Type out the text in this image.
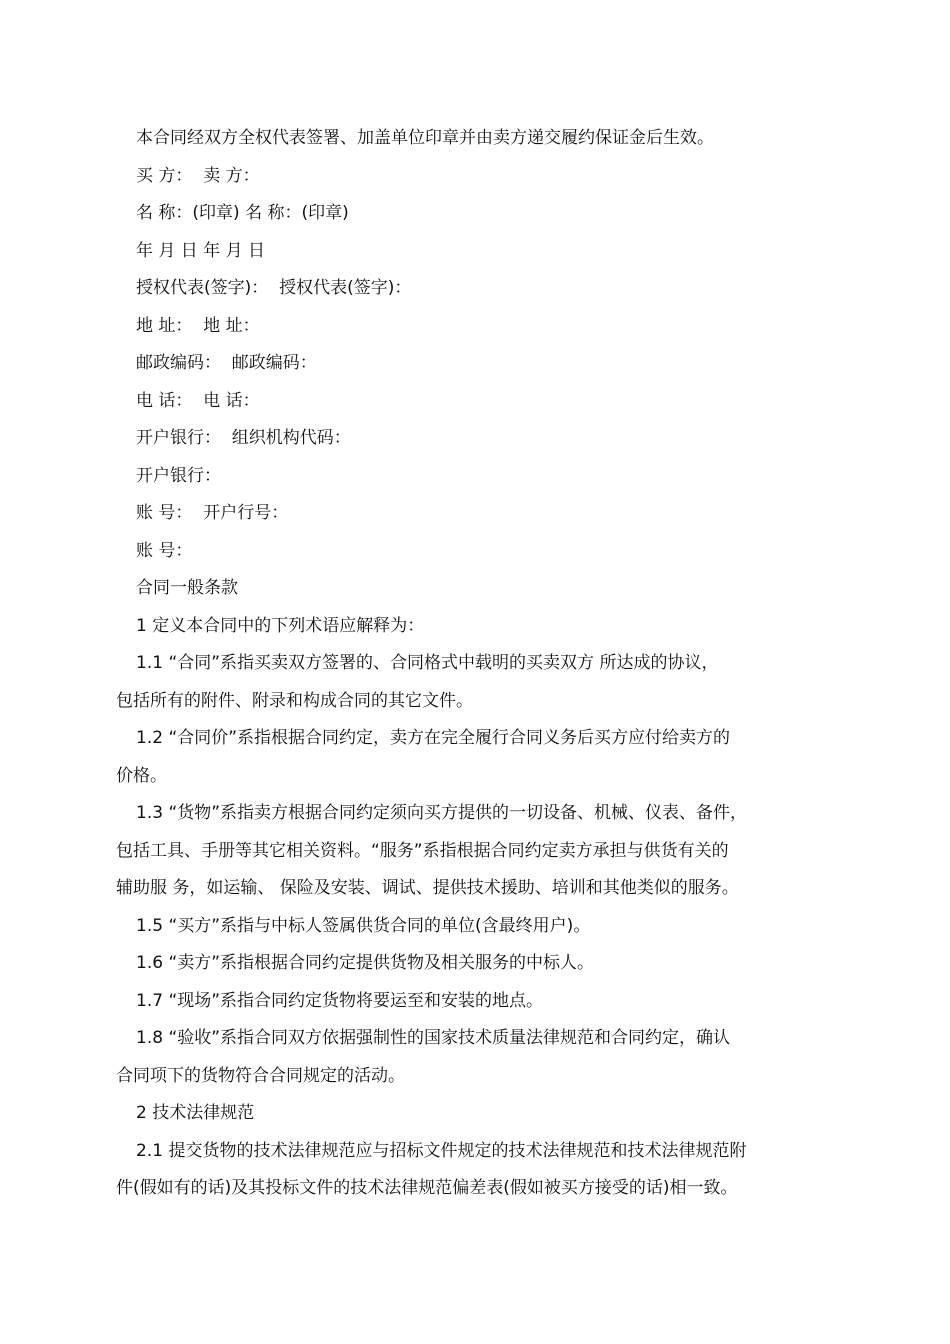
本合同经双方全权代表签署、加盖单位印章并由卖方递交履约保证金后生效。
买 方：  卖 方：
名 称：(印章) 名 称：(印章)
年 月 日 年 月 日
授权代表(签字)：  授权代表(签字)：
地 址：  地 址：
邮政编码：  邮政编码：
电 话：  电 话：
开户银行：  组织机构代码：
开户银行：
账 号：  开户行号：
账 号：
合同一般条款
1 定义本合同中的下列术语应解释为：
1.1 “合同”系指买卖双方签署的、合同格式中载明的买卖双方 所达成的协议，
包括所有的附件、附录和构成合同的其它文件。
1.2 “合同价”系指根据合同约定，卖方在完全履行合同义务后买方应付给卖方的
价格。
1.3 “货物”系指卖方根据合同约定须向买方提供的一切设备、机械、仪表、备件，
包括工具、手册等其它相关资料。“服务”系指根据合同约定卖方承担与供货有关的
辅助服 务，如运输、 保险及安装、调试、提供技术援助、培训和其他类似的服务。
1.5 “买方”系指与中标人签属供货合同的单位(含最终用户)。
1.6 “卖方”系指根据合同约定提供货物及相关服务的中标人。
1.7 “现场”系指合同约定货物将要运至和安装的地点。
1.8 “验收”系指合同双方依据强制性的国家技术质量法律规范和合同约定，确认
合同项下的货物符合合同规定的活动。
2 技术法律规范
2.1 提交货物的技术法律规范应与招标文件规定的技术法律规范和技术法律规范附
件(假如有的话)及其投标文件的技术法律规范偏差表(假如被买方接受的话)相一致。
